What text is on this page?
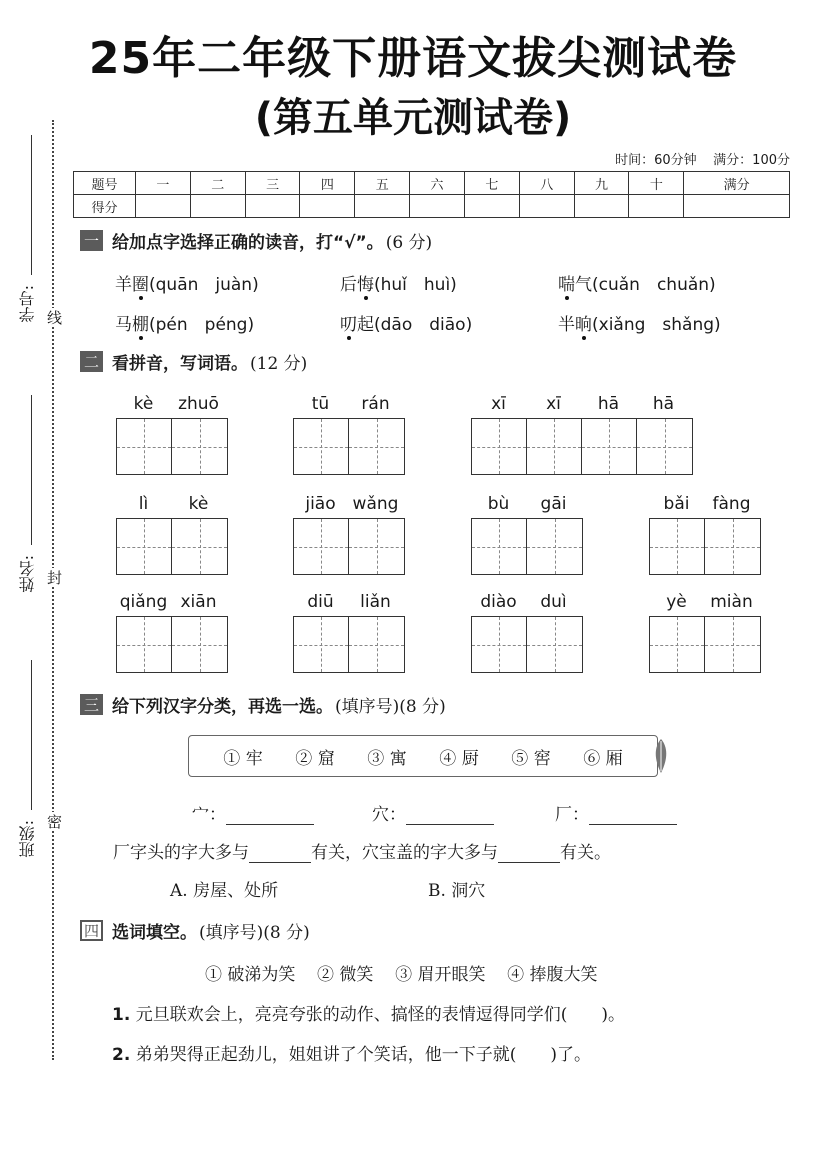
25年二年级下册语文拔尖测试卷
(第五单元测试卷)
时间：60分钟 满分：100分
题号	一	二	三	四	五	六	七	八	九	十	满分
得分											
线
封
密
学号:
姓名:
班级:
一 给加点字选择正确的读音，打“√”。 (6 分)
羊圈(quān　juàn)	后悔(huǐ　huì)	喘气(cuǎn　chuǎn)
马棚(pén　péng)	叨起(dāo　diāo)	半晌(xiǎng　shǎng)
二 看拼音，写词语。 (12 分)
kè	zhuō	tū	rán	xī	xī	hā	hā
lì	kè	jiāo wǎng	bù	gāi	bǎi	fàng
qiǎng xiān	diū	liǎn	diào	duì	yè	miàn
三 给下列汉字分类，再选一选。 (填序号)(8 分)
① 牢 ② 窟 ③ 寓 ④ 厨 ⑤ 窖 ⑥ 厢
宀：	穴：	厂：
厂字头的字大多与	有关，穴宝盖的字大多与	有关。
A. 房屋、处所	B. 洞穴
四 选词填空。 (填序号)(8 分)
① 破涕为笑 ② 微笑 ③ 眉开眼笑 ④ 捧腹大笑
1. 元旦联欢会上，亮亮夸张的动作、搞怪的表情逗得同学们(　　)。
2. 弟弟哭得正起劲儿，姐姐讲了个笑话，他一下子就(　　)了。
